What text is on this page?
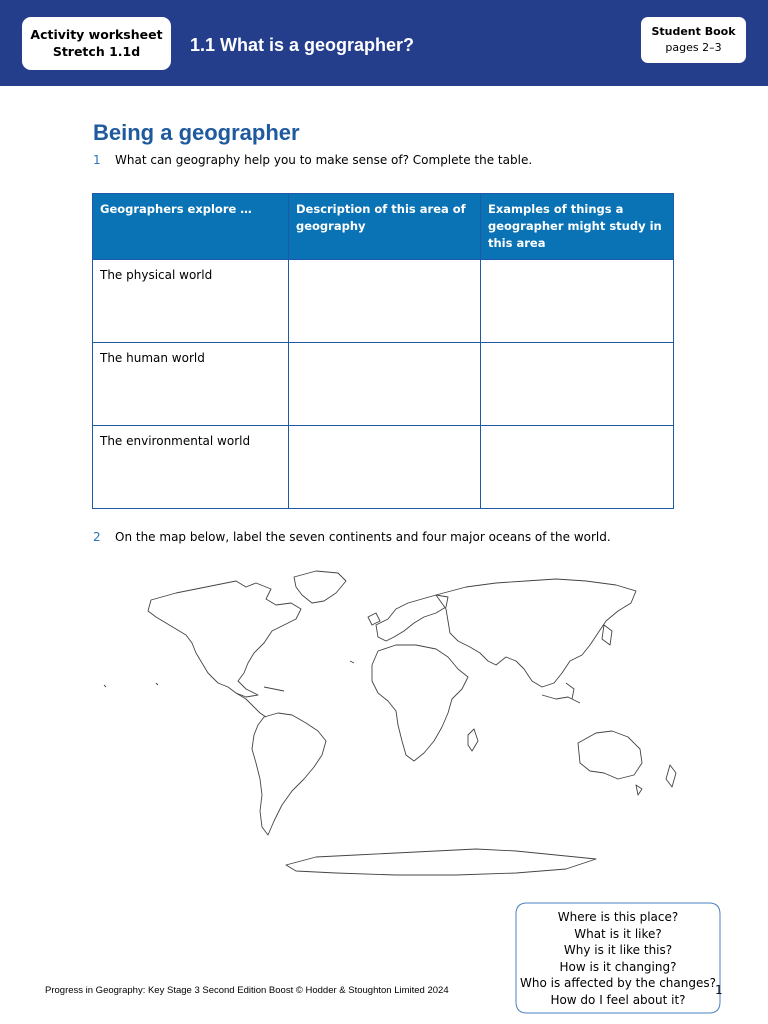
Activity worksheet
Stretch 1.1d	1.1 What is a geographer?
Student Book
pages 2–3
Being a geographer
1 What can geography help you to make sense of? Complete the table.
Geographers explore …	Description of this area of geography	Examples of things a geographer might study in this area
The physical world		
The human world		
The environmental world		
2 On the map below, label the seven continents and four major oceans of the world.
Where is this place?
What is it like?
Why is it like this?
How is it changing?
Who is affected by the changes?
How do I feel about it?
Progress in Geography: Key Stage 3 Second Edition Boost © Hodder & Stoughton Limited 2024	1
